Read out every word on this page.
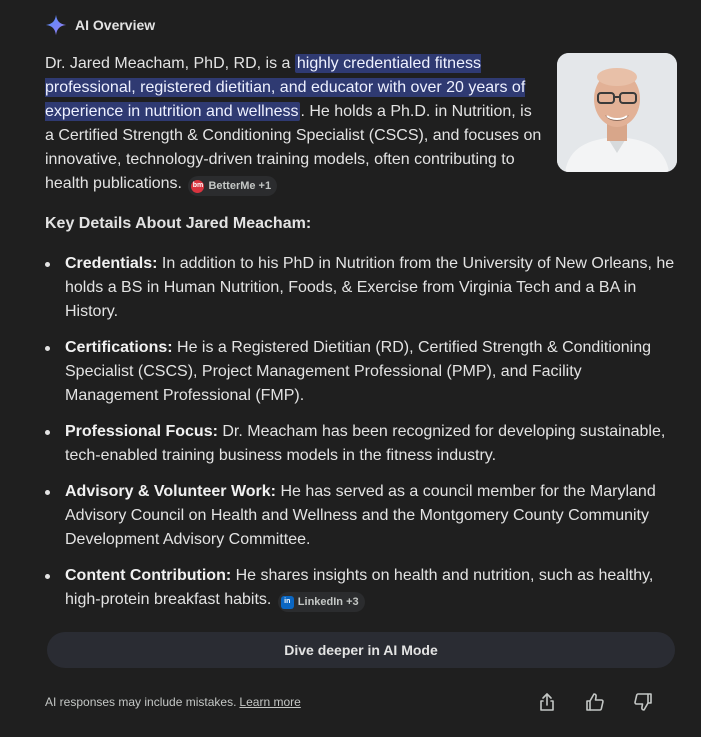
AI Overview

Dr. Jared Meacham, PhD, RD, is a highly credentialed fitness professional, registered dietitian, and educator with over 20 years of experience in nutrition and wellness . He holds a Ph.D. in Nutrition, is a Certified Strength & Conditioning Specialist (CSCS), and focuses on innovative, technology-driven training models, often contributing to health publications. bm BetterMe +1

Key Details About Jared Meacham:
Credentials: In addition to his PhD in Nutrition from the University of New Orleans, he holds a BS in Human Nutrition, Foods, & Exercise from Virginia Tech and a BA in History.
Certifications: He is a Registered Dietitian (RD), Certified Strength & Conditioning Specialist (CSCS), Project Management Professional (PMP), and Facility Management Professional (FMP).
Professional Focus: Dr. Meacham has been recognized for developing sustainable, tech-enabled training business models in the fitness industry.
Advisory & Volunteer Work: He has served as a council member for the Maryland Advisory Council on Health and Wellness and the Montgomery County Community Development Advisory Committee.
Content Contribution: He shares insights on health and nutrition, such as healthy, high-protein breakfast habits.	in LinkedIn +3
Dive deeper in AI Mode
AI responses may include mistakes. Learn more
